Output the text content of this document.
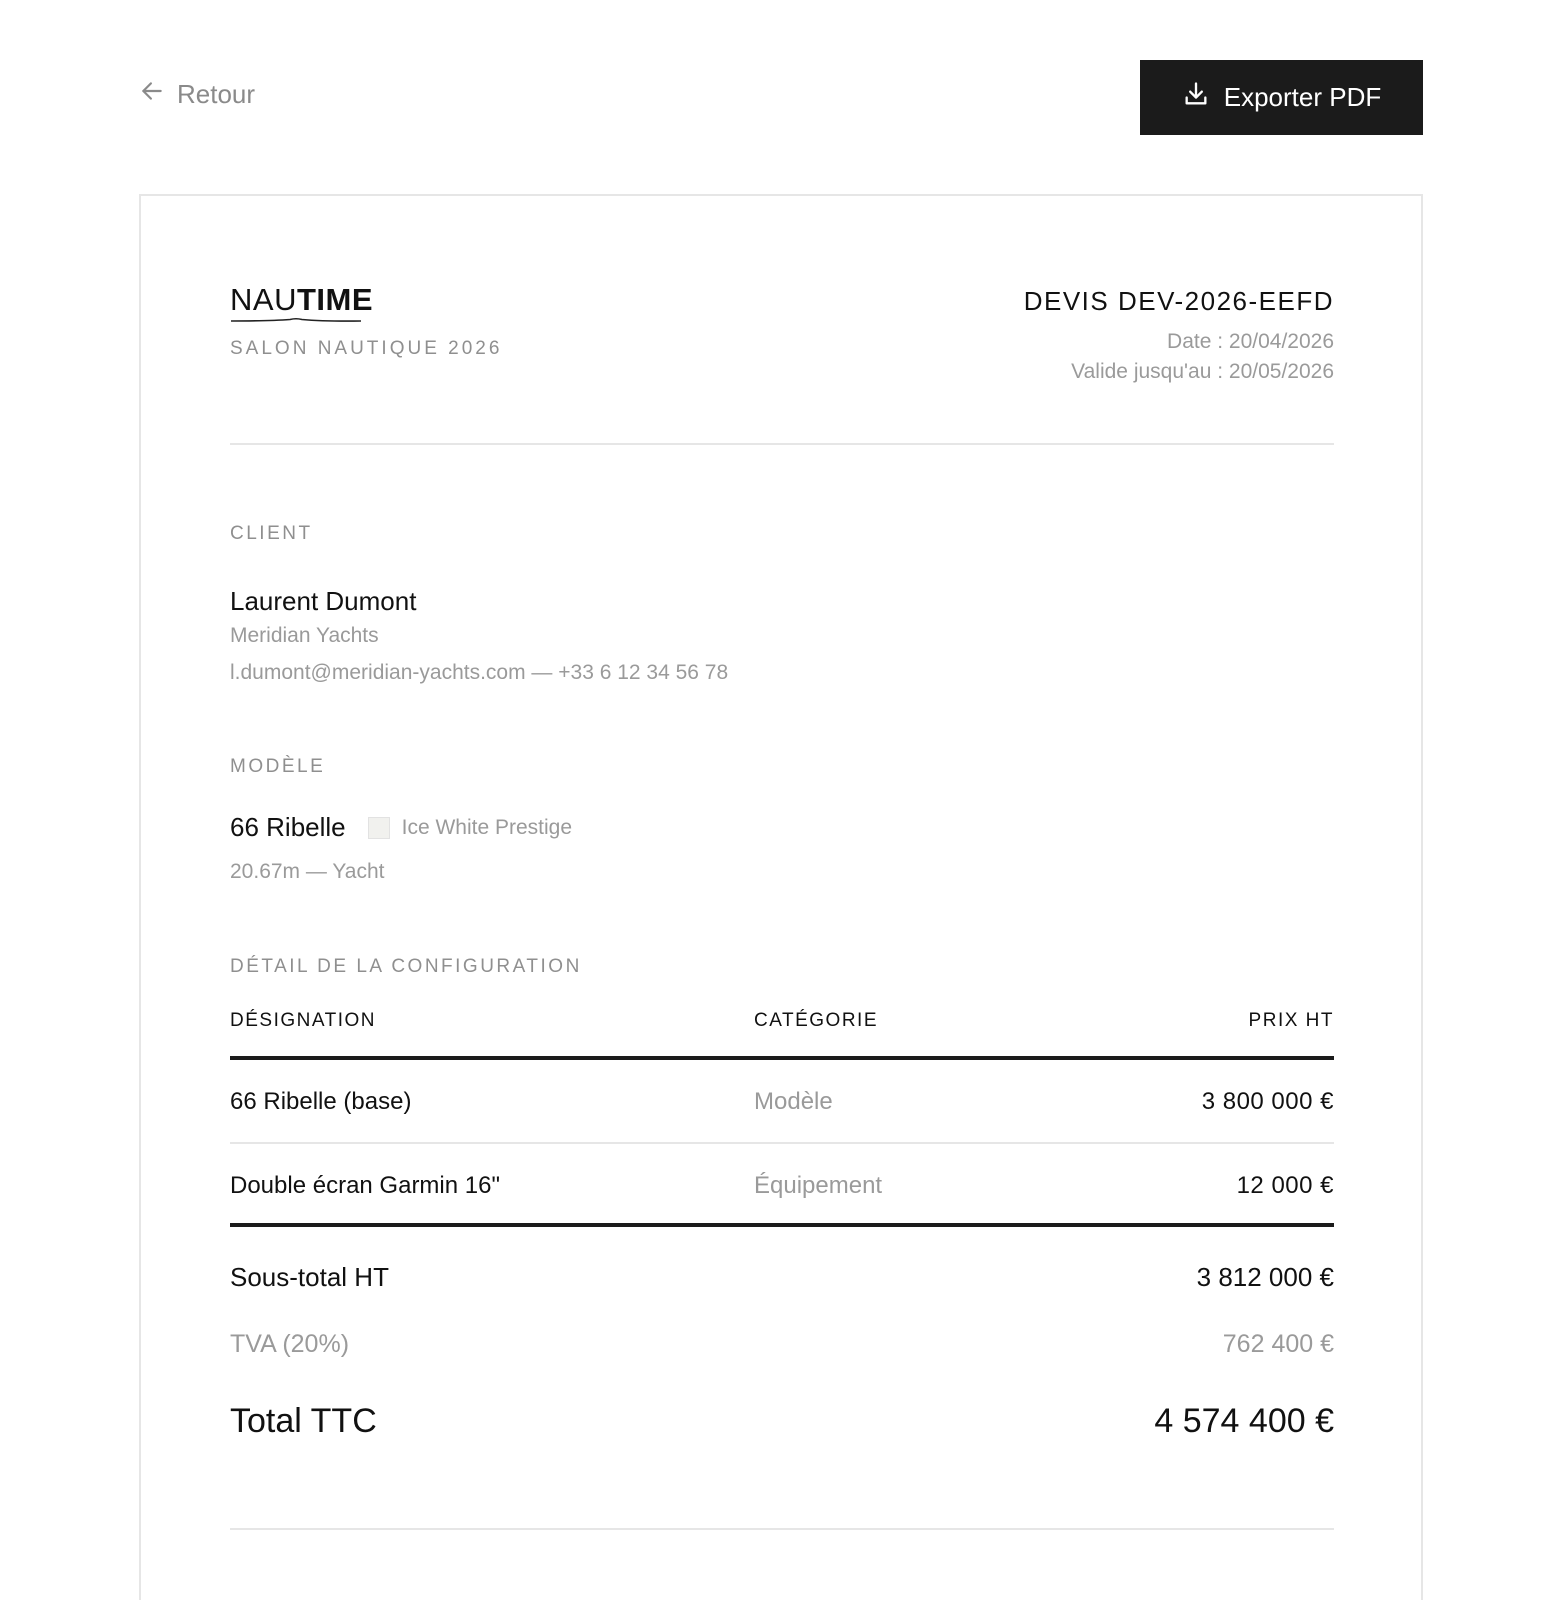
Retour	Exporter PDF
NAUTIME
SALON NAUTIQUE 2026
DEVIS DEV-2026-EEFD
Date : 20/04/2026
Valide jusqu'au : 20/05/2026
CLIENT
Laurent Dumont
Meridian Yachts
l.dumont@meridian-yachts.com — +33 6 12 34 56 78
MODÈLE
66 Ribelle	Ice White Prestige
20.67m — Yacht
DÉTAIL DE LA CONFIGURATION
DÉSIGNATION	CATÉGORIE	PRIX HT
66 Ribelle (base)	Modèle	3 800 000 €
Double écran Garmin 16"	Équipement	12 000 €
Sous-total HT	3 812 000 €
TVA (20%)	762 400 €
Total TTC	4 574 400 €
